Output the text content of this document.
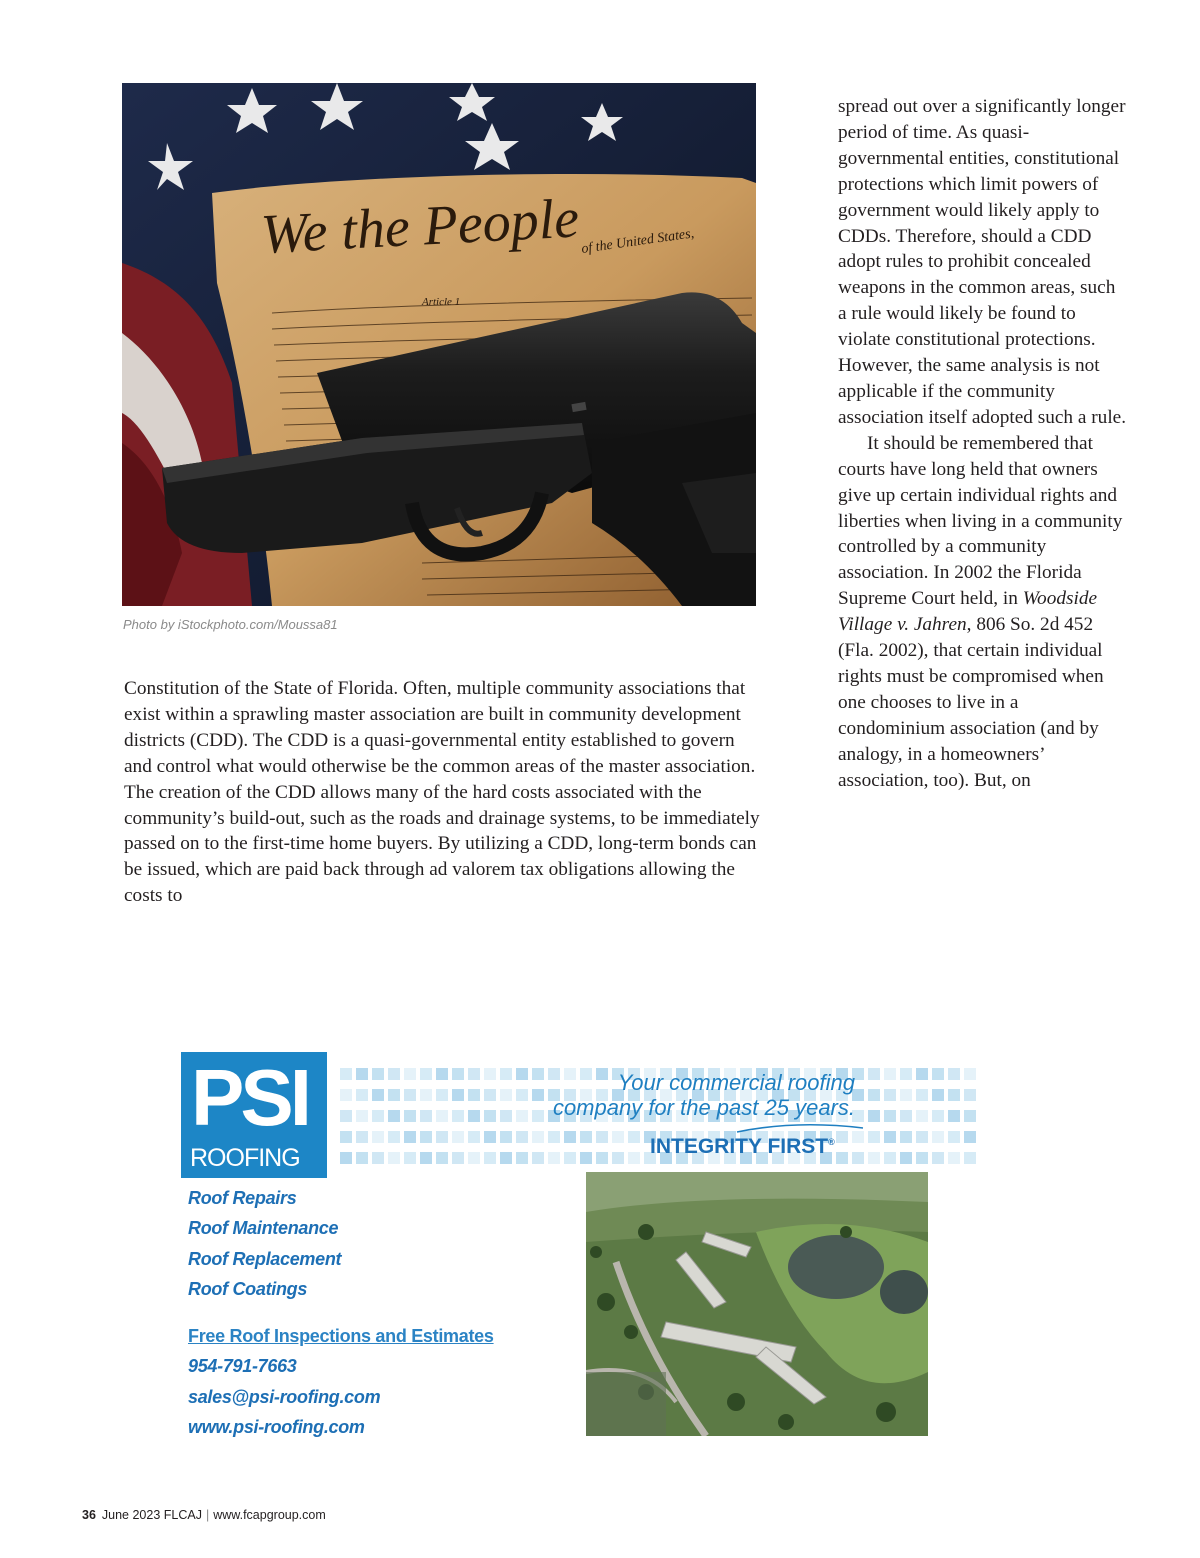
We the People of the United States,
Article 1
Photo by iStockphoto.com/Moussa81

Constitution of the State of Florida. Often, multiple community associations that exist within a sprawling master association are built in community development districts (CDD). The CDD is a quasi-governmental entity established to govern and control what would otherwise be the common areas of the master association. The creation of the CDD allows many of the hard costs associated with the community’s build-out, such as the roads and drainage systems, to be immediately passed on to the first-time home buyers. By utilizing a CDD, long-term bonds can be issued, which are paid back through ad valorem tax obligations allowing the costs to

spread out over a significantly longer period of time. As quasi-governmental entities, constitutional protections which limit powers of government would likely apply to CDDs. Therefore, should a CDD adopt rules to prohibit concealed weapons in the common areas, such a rule would likely be found to violate constitutional protections. However, the same analysis is not applicable if the community association itself adopted such a rule.

It should be remembered that courts have long held that owners give up certain individual rights and liberties when living in a community controlled by a community association. In 2002 the Florida Supreme Court held, in Woodside Village v. Jahren, 806 So. 2d 452 (Fla. 2002), that certain individual rights must be compromised when one chooses to live in a condominium association (and by analogy, in a homeowners’ association, too). But, on

PSI
ROOFING
Your commercial roofing
company for the past 25 years.
INTEGRITY FIRST®
Roof Repairs
Roof Maintenance
Roof Replacement
Roof Coatings
Free Roof Inspections and Estimates
954-791-7663
sales@psi-roofing.com
www.psi-roofing.com
36 June 2023 FLCAJ | www.fcapgroup.com
